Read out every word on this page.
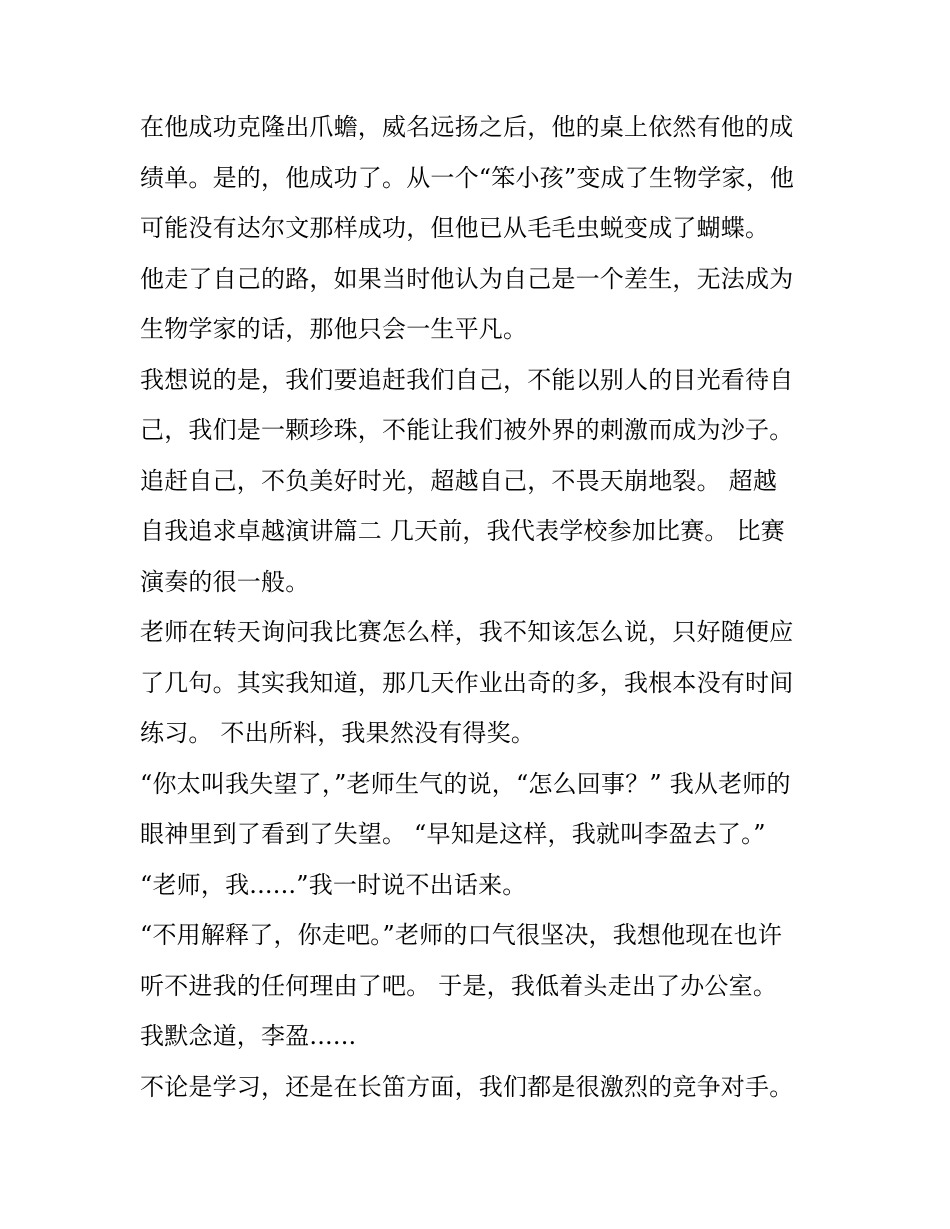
在他成功克隆出爪蟾，威名远扬之后，他的桌上依然有他的成
绩单。是的，他成功了。从一个“笨小孩”变成了生物学家，他
可能没有达尔文那样成功，但他已从毛毛虫蜕变成了蝴蝶。

他走了自己的路，如果当时他认为自己是一个差生，无法成为
生物学家的话，那他只会一生平凡。

我想说的是，我们要追赶我们自己，不能以别人的目光看待自
己，我们是一颗珍珠，不能让我们被外界的刺激而成为沙子。
追赶自己，不负美好时光，超越自己，不畏天崩地裂。 超越
自我追求卓越演讲篇二 几天前，我代表学校参加比赛。 比赛
演奏的很一般。

老师在转天询问我比赛怎么样，我不知该怎么说，只好随便应
了几句。其实我知道，那几天作业出奇的多，我根本没有时间
练习。 不出所料，我果然没有得奖。

“你太叫我失望了，”老师生气的说，“怎么回事？” 我从老师的
眼神里到了看到了失望。 “早知是这样，我就叫李盈去了。”

“老师，我......”我一时说不出话来。

“不用解释了，你走吧。”老师的口气很坚决，我想他现在也许
听不进我的任何理由了吧。 于是，我低着头走出了办公室。
我默念道，李盈......

不论是学习，还是在长笛方面，我们都是很激烈的竞争对手。
